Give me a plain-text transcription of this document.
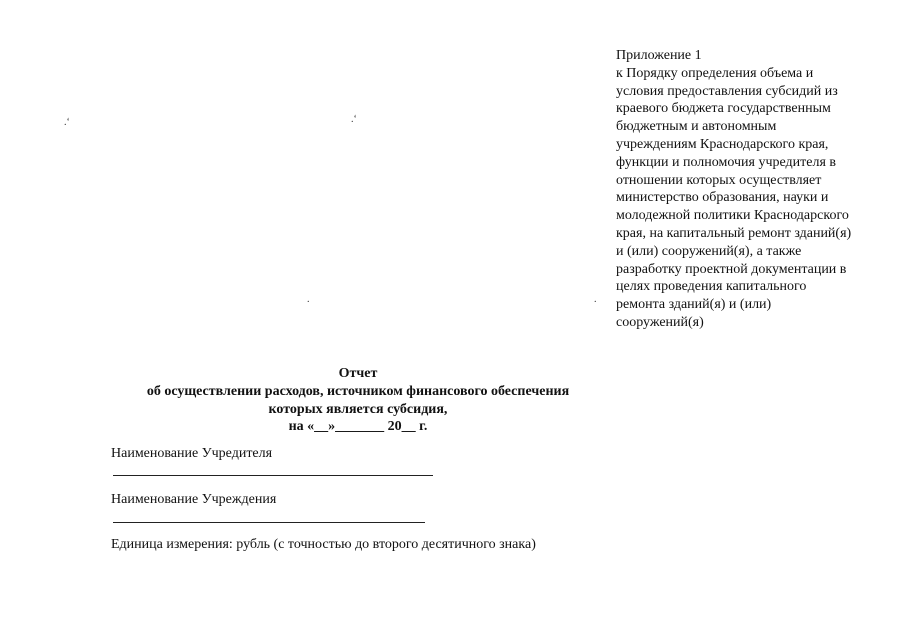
Приложение 1
к Порядку определения объема и
условия предоставления субсидий из
краевого бюджета государственным
бюджетным и автономным
учреждениям Краснодарского края,
функции и полномочия учредителя в
отношении которых осуществляет
министерство образования, науки и
молодежной политики Краснодарского
края, на капитальный ремонт зданий(я)
и (или) сооружений(я), а также
разработку проектной документации в
целях проведения капитального
ремонта зданий(я) и (или)
сооружений(я)
.ʻ	.ʻ
.	.
Отчет
об осуществлении расходов, источником финансового обеспечения
которых является субсидия,
на «__»_______ 20__ г.
Наименование Учредителя
Наименование Учреждения
Единица измерения: рубль (с точностью до второго десятичного знака)
